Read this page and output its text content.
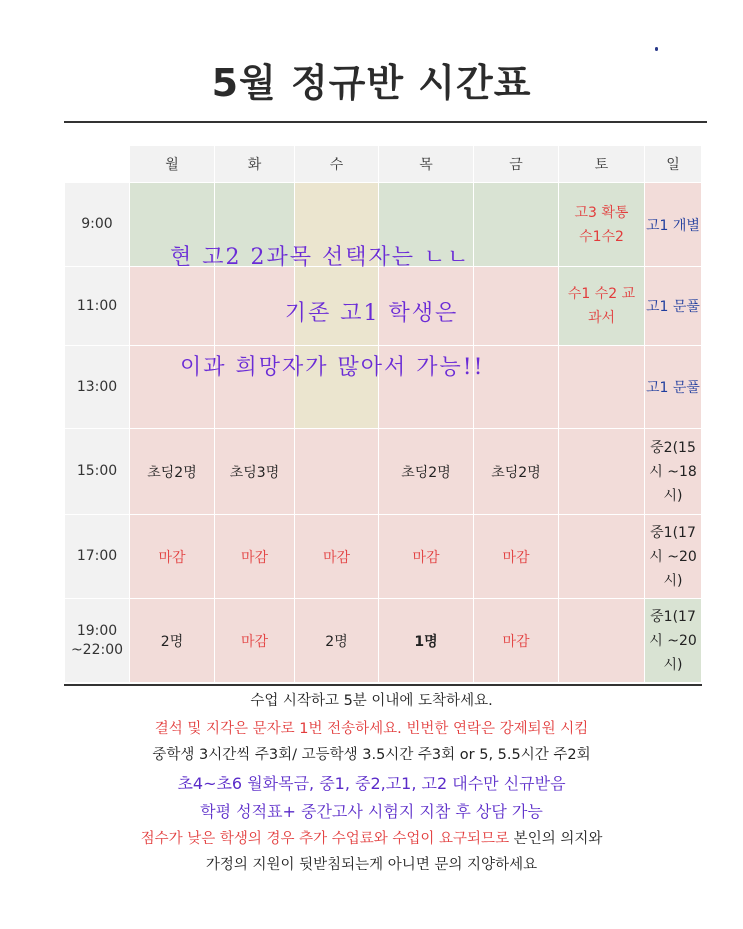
5월 정규반 시간표
	월	화	수	목	금	토	일
9:00						고3 확통 수1수2	고1 개별
11:00						수1 수2 교과서	고1 문풀
13:00							고1 문풀
15:00	초딩2명	초딩3명		초딩2명	초딩2명		중2(15시 ~18시)
17:00	마감	마감	마감	마감	마감		중1(17시 ~20시)
19:00 ~22:00	2명	마감	2명	1명	마감		중1(17시 ~20시)
현 고2 2과목 선택자는 ㄴㄴ
기존 고1 학생은
이과 희망자가 많아서 가능!!
수업 시작하고 5분 이내에 도착하세요.
결석 및 지각은 문자로 1번 전송하세요. 빈번한 연락은 강제퇴원 시킴
중학생 3시간씩 주3회/ 고등학생 3.5시간 주3회 or 5, 5.5시간 주2회
초4~초6 월화목금, 중1, 중2,고1, 고2 대수만 신규받음
학평 성적표+ 중간고사 시험지 지참 후 상담 가능
점수가 낮은 학생의 경우 추가 수업료와 수업이 요구되므로 본인의 의지와
가정의 지원이 뒷받침되는게 아니면 문의 지양하세요
